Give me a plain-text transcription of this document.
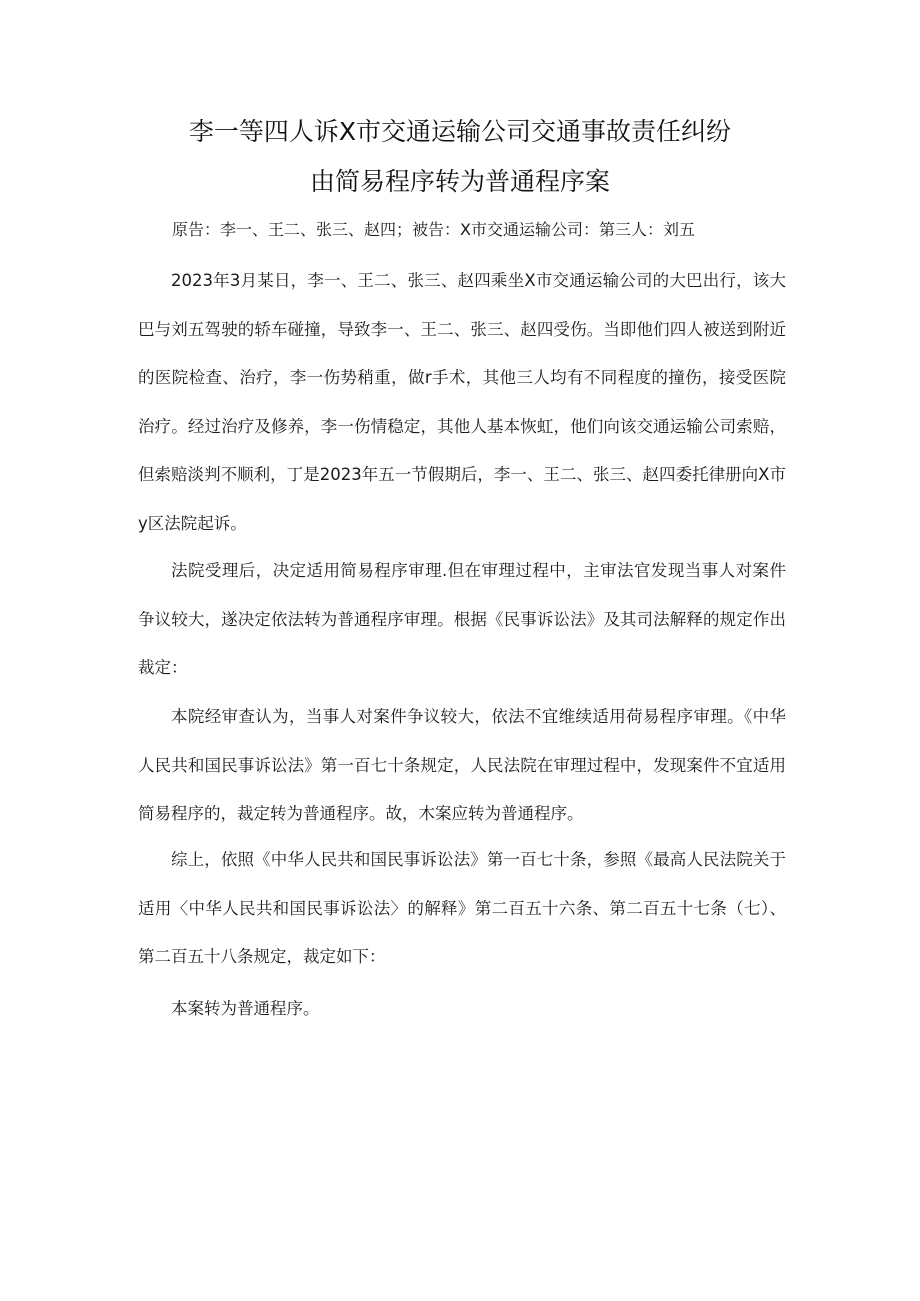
李一等四人诉X市交通运输公司交通事故责任纠纷
由简易程序转为普通程序案
原告：李一、王二、张三、赵四；被告：X市交通运输公司：第三人：刘五

2023年3月某日，李一、王二、张三、赵四乘坐X市交通运输公司的大巴出行，该大巴与刘五驾驶的轿车碰撞，导致李一、王二、张三、赵四受伤。当即他们四人被送到附近的医院检查、治疗，李一伤势稍重，做r手术，其他三人均有不同程度的撞伤，接受医院治疗。经过治疗及修养，李一伤情稳定，其他人基本恢虹，他们向该交通运输公司索赔，但索赔淡判不顺利，丁是2023年五一节假期后，李一、王二、张三、赵四委托律册向X市y区法院起诉。

法院受理后，决定适用简易程序审理.但在审理过程中，主审法官发现当事人对案件争议较大，遂决定依法转为普通程序审理。根据《民事诉讼法》及其司法解释的规定作出裁定：

本院经审查认为，当事人对案件争议较大，依法不宜维续适用荷易程序审理。《中华人民共和国民事诉讼法》第一百七十条规定，人民法院在审理过程中，发现案件不宜适用简易程序的，裁定转为普通程序。故，木案应转为普通程序。

综上，依照《中华人民共和国民事诉讼法》第一百七十条，参照《最高人民法院关于适用〈中华人民共和国民事诉讼法〉的解释》第二百五十六条、第二百五十七条（七）、第二百五十八条规定，裁定如下：

本案转为普通程序。
